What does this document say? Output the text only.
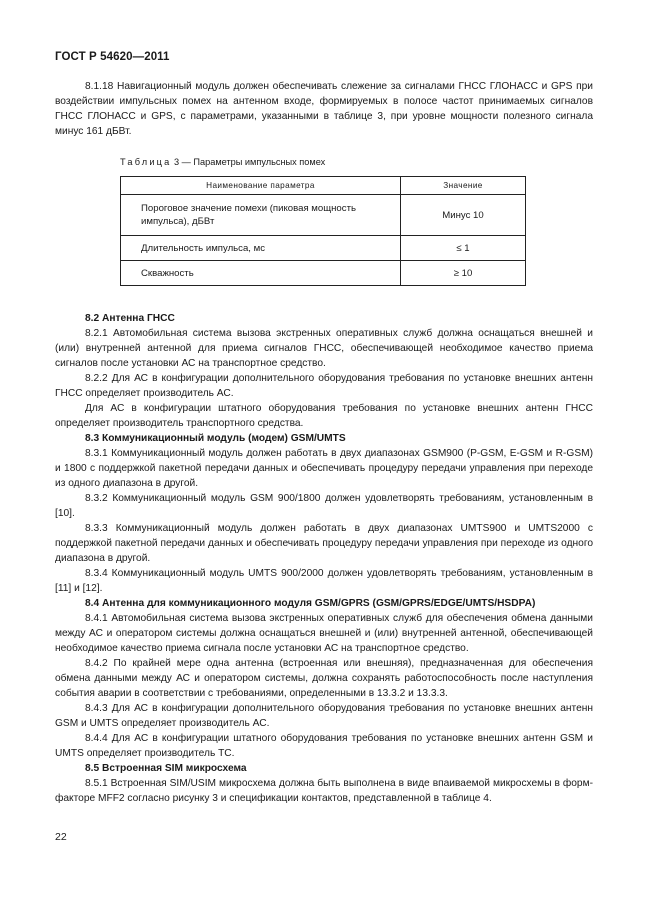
ГОСТ Р 54620—2011

8.1.18 Навигационный модуль должен обеспечивать слежение за сигналами ГНСС ГЛОНАСС и GPS при воздействии импульсных помех на антенном входе, формируемых в полосе частот принимаемых сигналов ГНСС ГЛОНАСС и GPS, с параметрами, указанными в таблице 3, при уровне мощности полезного сигнала минус 161 дБВт.

Таблица 3 — Параметры импульсных помех
Наименование параметра	Значение
Пороговое значение помехи (пиковая мощность импульса), дБВт	Минус 10
Длительность импульса, мс	≤ 1
Скважность	≥ 10

8.2 Антенна ГНСС

8.2.1 Автомобильная система вызова экстренных оперативных служб должна оснащаться внешней и (или) внутренней антенной для приема сигналов ГНСС, обеспечивающей необходимое качество приема сигналов после установки АС на транспортное средство.

8.2.2 Для АС в конфигурации дополнительного оборудования требования по установке внешних антенн ГНСС определяет производитель АС.

Для АС в конфигурации штатного оборудования требования по установке внешних антенн ГНСС определяет производитель транспортного средства.

8.3 Коммуникационный модуль (модем) GSM/UMTS

8.3.1 Коммуникационный модуль должен работать в двух диапазонах GSM900 (P-GSM, E-GSM и R-GSM) и 1800 с поддержкой пакетной передачи данных и обеспечивать процедуру передачи управления при переходе из одного диапазона в другой.

8.3.2 Коммуникационный модуль GSM 900/1800 должен удовлетворять требованиям, установленным в [10].

8.3.3 Коммуникационный модуль должен работать в двух диапазонах UMTS900 и UMTS2000 с поддержкой пакетной передачи данных и обеспечивать процедуру передачи управления при переходе из одного диапазона в другой.

8.3.4 Коммуникационный модуль UMTS 900/2000 должен удовлетворять требованиям, установленным в [11] и [12].

8.4 Антенна для коммуникационного модуля GSM/GPRS (GSM/GPRS/EDGE/UMTS/HSDPA)

8.4.1 Автомобильная система вызова экстренных оперативных служб для обеспечения обмена данными между АС и оператором системы должна оснащаться внешней и (или) внутренней антенной, обеспечивающей необходимое качество приема сигнала после установки АС на транспортное средство.

8.4.2 По крайней мере одна антенна (встроенная или внешняя), предназначенная для обеспечения обмена данными между АС и оператором системы, должна сохранять работоспособность после наступления события аварии в соответствии с требованиями, определенными в 13.3.2 и 13.3.3.

8.4.3 Для АС в конфигурации дополнительного оборудования требования по установке внешних антенн GSM и UMTS определяет производитель АС.

8.4.4 Для АС в конфигурации штатного оборудования требования по установке внешних антенн GSM и UMTS определяет производитель ТС.

8.5 Встроенная SIM микросхема

8.5.1 Встроенная SIM/USIM микросхема должна быть выполнена в виде впаиваемой микросхемы в форм-факторе MFF2 согласно рисунку 3 и спецификации контактов, представленной в таблице 4.

22
